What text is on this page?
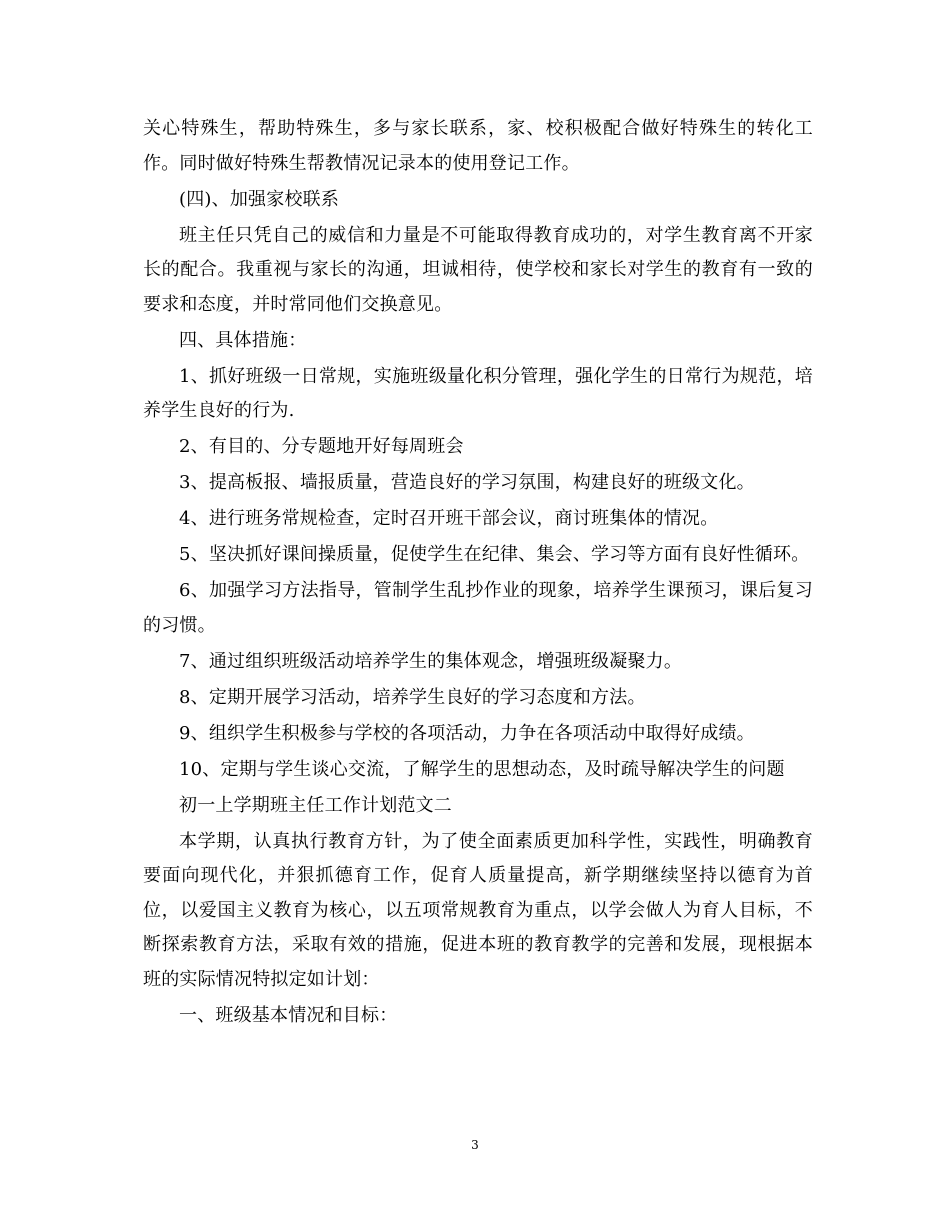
关心特殊生，帮助特殊生，多与家长联系，家、校积极配合做好特殊生的转化工作。同时做好特殊生帮教情况记录本的使用登记工作。

(四)、加强家校联系

班主任只凭自己的威信和力量是不可能取得教育成功的，对学生教育离不开家长的配合。我重视与家长的沟通，坦诚相待，使学校和家长对学生的教育有一致的要求和态度，并时常同他们交换意见。

四、具体措施：

1、抓好班级一日常规，实施班级量化积分管理，强化学生的日常行为规范，培养学生良好的行为.

2、有目的、分专题地开好每周班会

3、提高板报、墙报质量，营造良好的学习氛围，构建良好的班级文化。

4、进行班务常规检查，定时召开班干部会议，商讨班集体的情况。

5、坚决抓好课间操质量，促使学生在纪律、集会、学习等方面有良好性循环。

6、加强学习方法指导，管制学生乱抄作业的现象，培养学生课预习，课后复习的习惯。

7、通过组织班级活动培养学生的集体观念，增强班级凝聚力。

8、定期开展学习活动，培养学生良好的学习态度和方法。

9、组织学生积极参与学校的各项活动，力争在各项活动中取得好成绩。

10、定期与学生谈心交流，了解学生的思想动态，及时疏导解决学生的问题

初一上学期班主任工作计划范文二

本学期，认真执行教育方针，为了使全面素质更加科学性，实践性，明确教育要面向现代化，并狠抓德育工作，促育人质量提高，新学期继续坚持以德育为首位，以爱国主义教育为核心，以五项常规教育为重点，以学会做人为育人目标，不断探索教育方法，采取有效的措施，促进本班的教育教学的完善和发展，现根据本班的实际情况特拟定如计划：

一、班级基本情况和目标：

3
